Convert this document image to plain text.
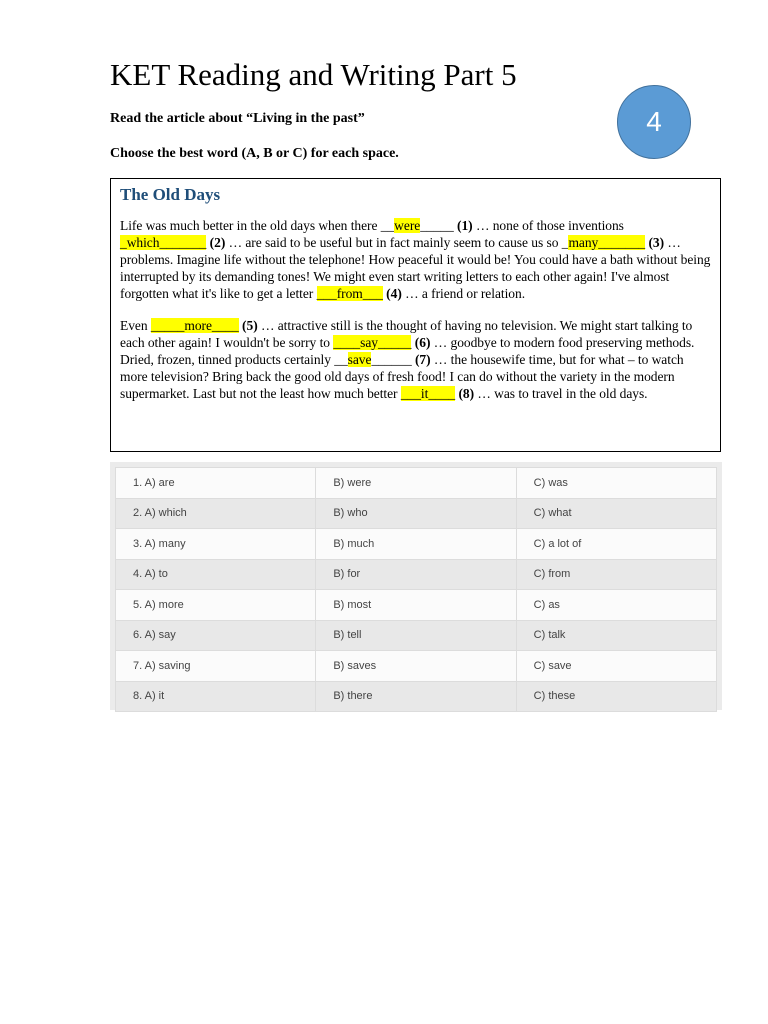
KET Reading and Writing Part 5
4

Read the article about “Living in the past”

Choose the best word (A, B or C) for each space.

The Old Days

Life was much better in the old days when there __were_____ (1) … none of those inventions _which_______ (2) … are said to be useful but in fact mainly seem to cause us so _many_______ (3) … problems. Imagine life without the telephone! How peaceful it would be! You could have a bath without being interrupted by its demanding tones! We might even start writing letters to each other again! I've almost forgotten what it's like to get a letter ___from___ (4) … a friend or relation.

Even _____more____ (5) … attractive still is the thought of having no television. We might start talking to each other again! I wouldn't be sorry to ____say_____ (6) … goodbye to modern food preserving methods. Dried, frozen, tinned products certainly __save______ (7) … the housewife time, but for what – to watch more television? Bring back the good old days of fresh food! I can do without the variety in the modern supermarket. Last but not the least how much better ___it____ (8) … was to travel in the old days.

1. A) are	B) were	C) was
2. A) which	B) who	C) what
3. A) many	B) much	C) a lot of
4. A) to	B) for	C) from
5. A) more	B) most	C) as
6. A) say	B) tell	C) talk
7. A) saving	B) saves	C) save
8. A) it	B) there	C) these
